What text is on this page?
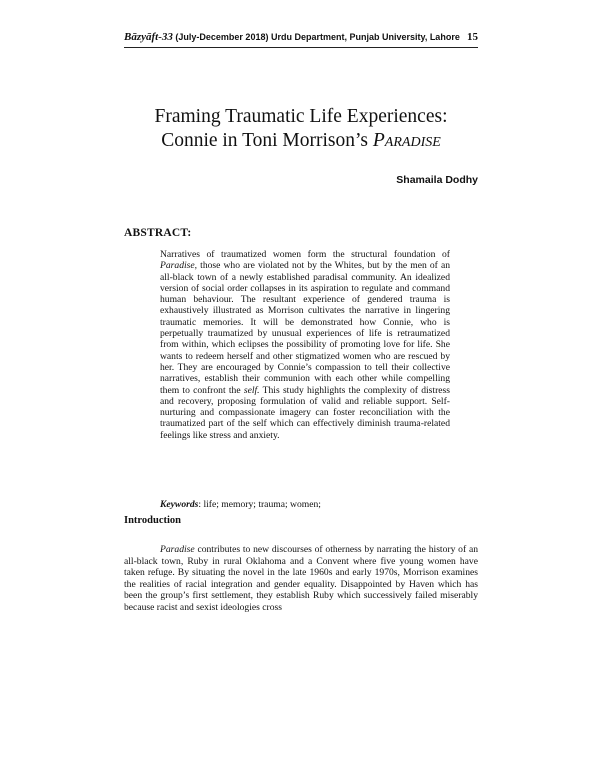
Bāzyāft-33 (July-December 2018) Urdu Department, Punjab University, Lahore 15
Framing Traumatic Life Experiences:
Connie in Toni Morrison’s Paradise
Shamaila Dodhy
ABSTRACT:

Narratives of traumatized women form the structural foundation of Paradise, those who are violated not by the Whites, but by the men of an all-black town of a newly established paradisal community. An idealized version of social order collapses in its aspiration to regulate and command human behaviour. The resultant experience of gendered trauma is exhaustively illustrated as Morrison cultivates the narrative in lingering traumatic memories. It will be demonstrated how Connie, who is perpetually traumatized by unusual experiences of life is retraumatized from within, which eclipses the possibility of promoting love for life. She wants to redeem herself and other stigmatized women who are rescued by her. They are encouraged by Connie’s compassion to tell their collective narratives, establish their communion with each other while compelling them to confront the self. This study highlights the complexity of distress and recovery, proposing formulation of valid and reliable support. Self-nurturing and compassionate imagery can foster reconciliation with the traumatized part of the self which can effectively diminish trauma-related feelings like stress and anxiety.

Keywords: life; memory; trauma; women;
Introduction

Paradise contributes to new discourses of otherness by narrating the history of an all-black town, Ruby in rural Oklahoma and a Convent where five young women have taken refuge. By situating the novel in the late 1960s and early 1970s, Morrison examines the realities of racial integration and gender equality. Disappointed by Haven which has been the group’s first settlement, they establish Ruby which successively failed miserably because racist and sexist ideologies cross
